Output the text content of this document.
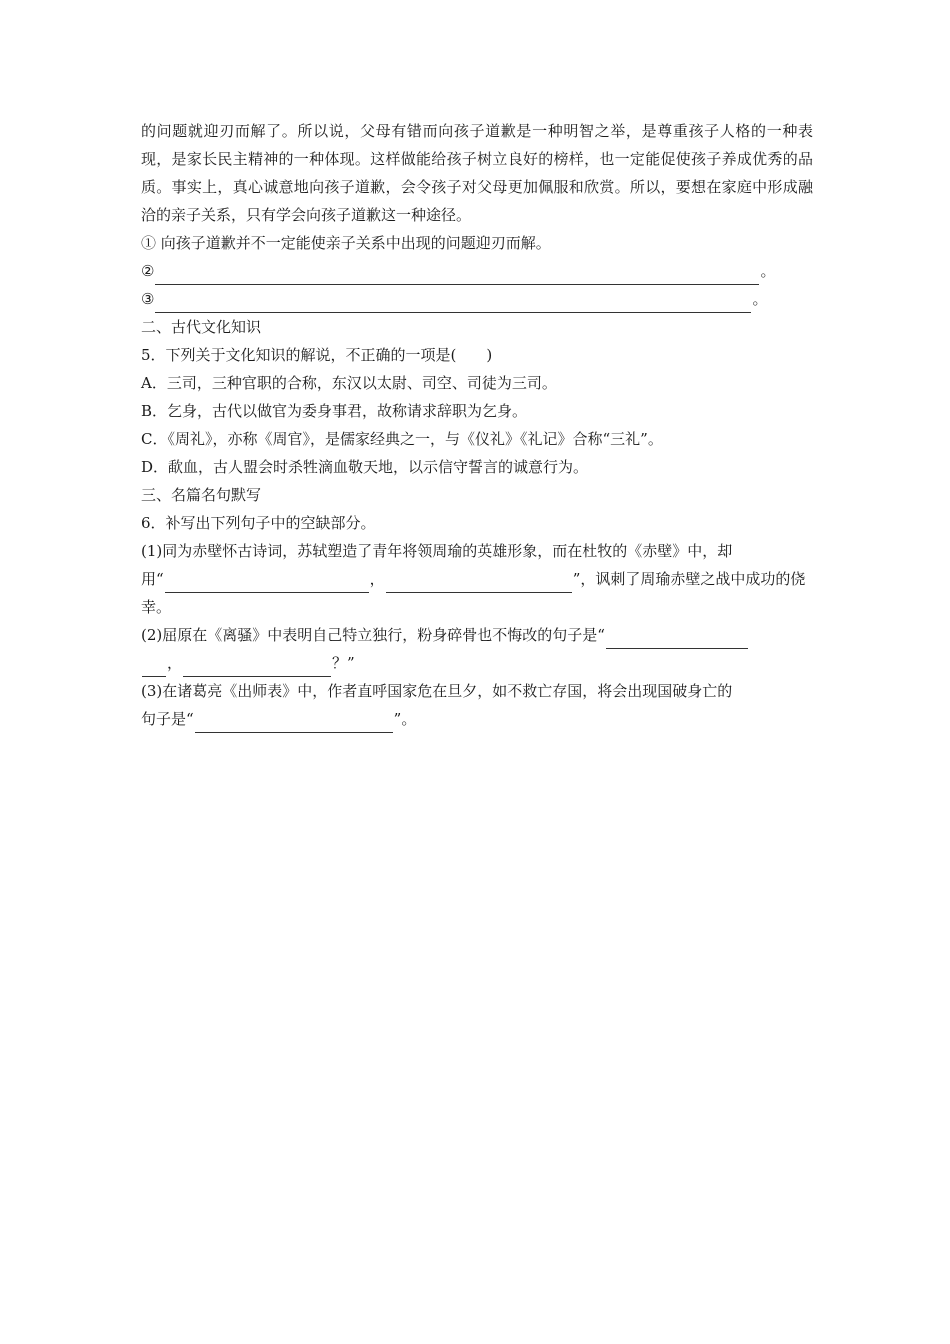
的问题就迎刃而解了。所以说，父母有错而向孩子道歉是一种明智之举，是尊重孩子人格的一种表现，是家长民主精神的一种体现。这样做能给孩子树立良好的榜样，也一定能促使孩子养成优秀的品质。事实上，真心诚意地向孩子道歉，会令孩子对父母更加佩服和欣赏。所以，要想在家庭中形成融洽的亲子关系，只有学会向孩子道歉这一种途径。

① 向孩子道歉并不一定能使亲子关系中出现的问题迎刃而解。

②	。
③	。

二、古代文化知识

5．下列关于文化知识的解说，不正确的一项是(　　)

A．三司，三种官职的合称，东汉以太尉、司空、司徒为三司。

B．乞身，古代以做官为委身事君，故称请求辞职为乞身。

C．《周礼》，亦称《周官》，是儒家经典之一，与《仪礼》《礼记》合称“三礼”。

D．歃血，古人盟会时杀牲滴血敬天地，以示信守誓言的诚意行为。

三、名篇名句默写

6．补写出下列句子中的空缺部分。

(1)同为赤壁怀古诗词，苏轼塑造了青年将领周瑜的英雄形象，而在杜牧的《赤壁》中，却

用“	，	”，讽刺了周瑜赤壁之战中成功的侥

幸。

(2)屈原在《离骚》中表明自己特立独行，粉身碎骨也不悔改的句子是“
，	？”

(3)在诸葛亮《出师表》中，作者直呼国家危在旦夕，如不救亡存国，将会出现国破身亡的

句子是“	”。
